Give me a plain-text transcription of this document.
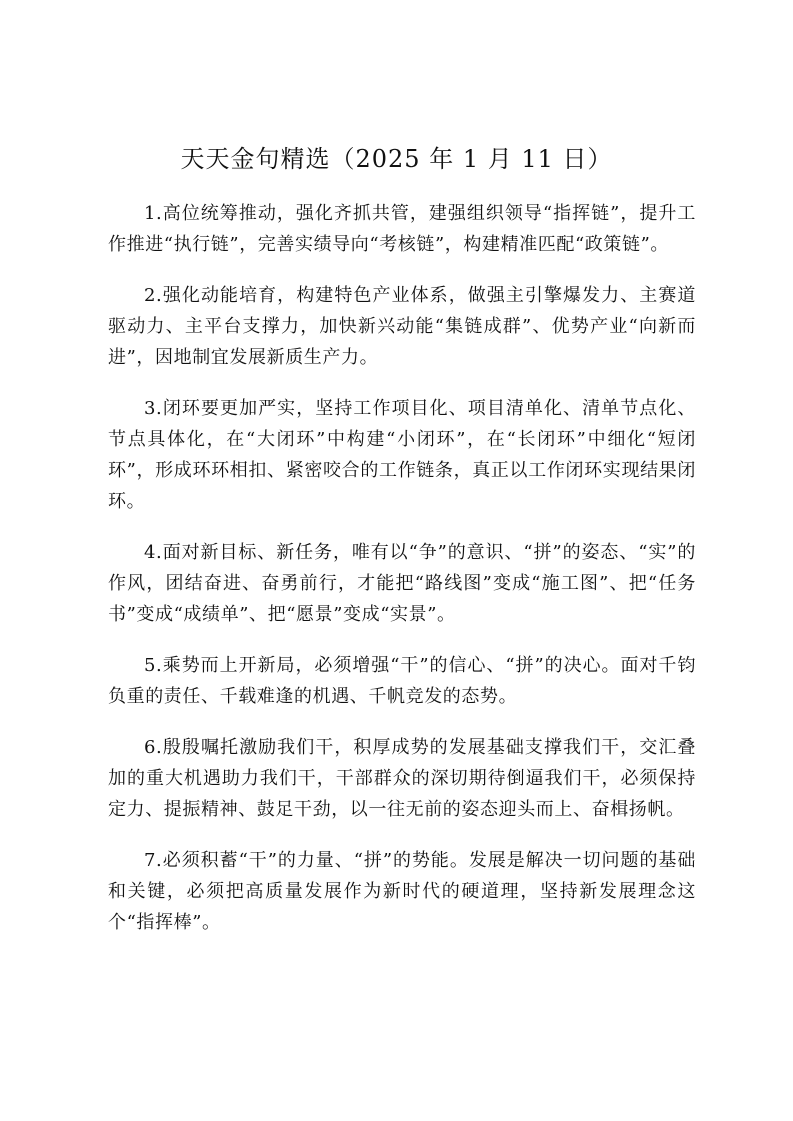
天天金句精选（2025 年 1 月 11 日）

1.高位统筹推动，强化齐抓共管，建强组织领导“指挥链”，提升工作推进“执行链”，完善实绩导向“考核链”，构建精准匹配“政策链”。

2.强化动能培育，构建特色产业体系，做强主引擎爆发力、主赛道驱动力、主平台支撑力，加快新兴动能“集链成群”、优势产业“向新而进”，因地制宜发展新质生产力。

3.闭环要更加严实，坚持工作项目化、项目清单化、清单节点化、节点具体化，在“大闭环”中构建“小闭环”，在“长闭环”中细化“短闭环”，形成环环相扣、紧密咬合的工作链条，真正以工作闭环实现结果闭环。

4.面对新目标、新任务，唯有以“争”的意识、“拼”的姿态、“实”的作风，团结奋进、奋勇前行，才能把“路线图”变成“施工图”、把“任务书”变成“成绩单”、把“愿景”变成“实景”。

5.乘势而上开新局，必须增强“干”的信心、“拼”的决心。面对千钧负重的责任、千载难逢的机遇、千帆竞发的态势。

6.殷殷嘱托激励我们干，积厚成势的发展基础支撑我们干，交汇叠加的重大机遇助力我们干，干部群众的深切期待倒逼我们干，必须保持定力、提振精神、鼓足干劲，以一往无前的姿态迎头而上、奋楫扬帆。

7.必须积蓄“干”的力量、“拼”的势能。发展是解决一切问题的基础和关键，必须把高质量发展作为新时代的硬道理，坚持新发展理念这个“指挥棒”。
